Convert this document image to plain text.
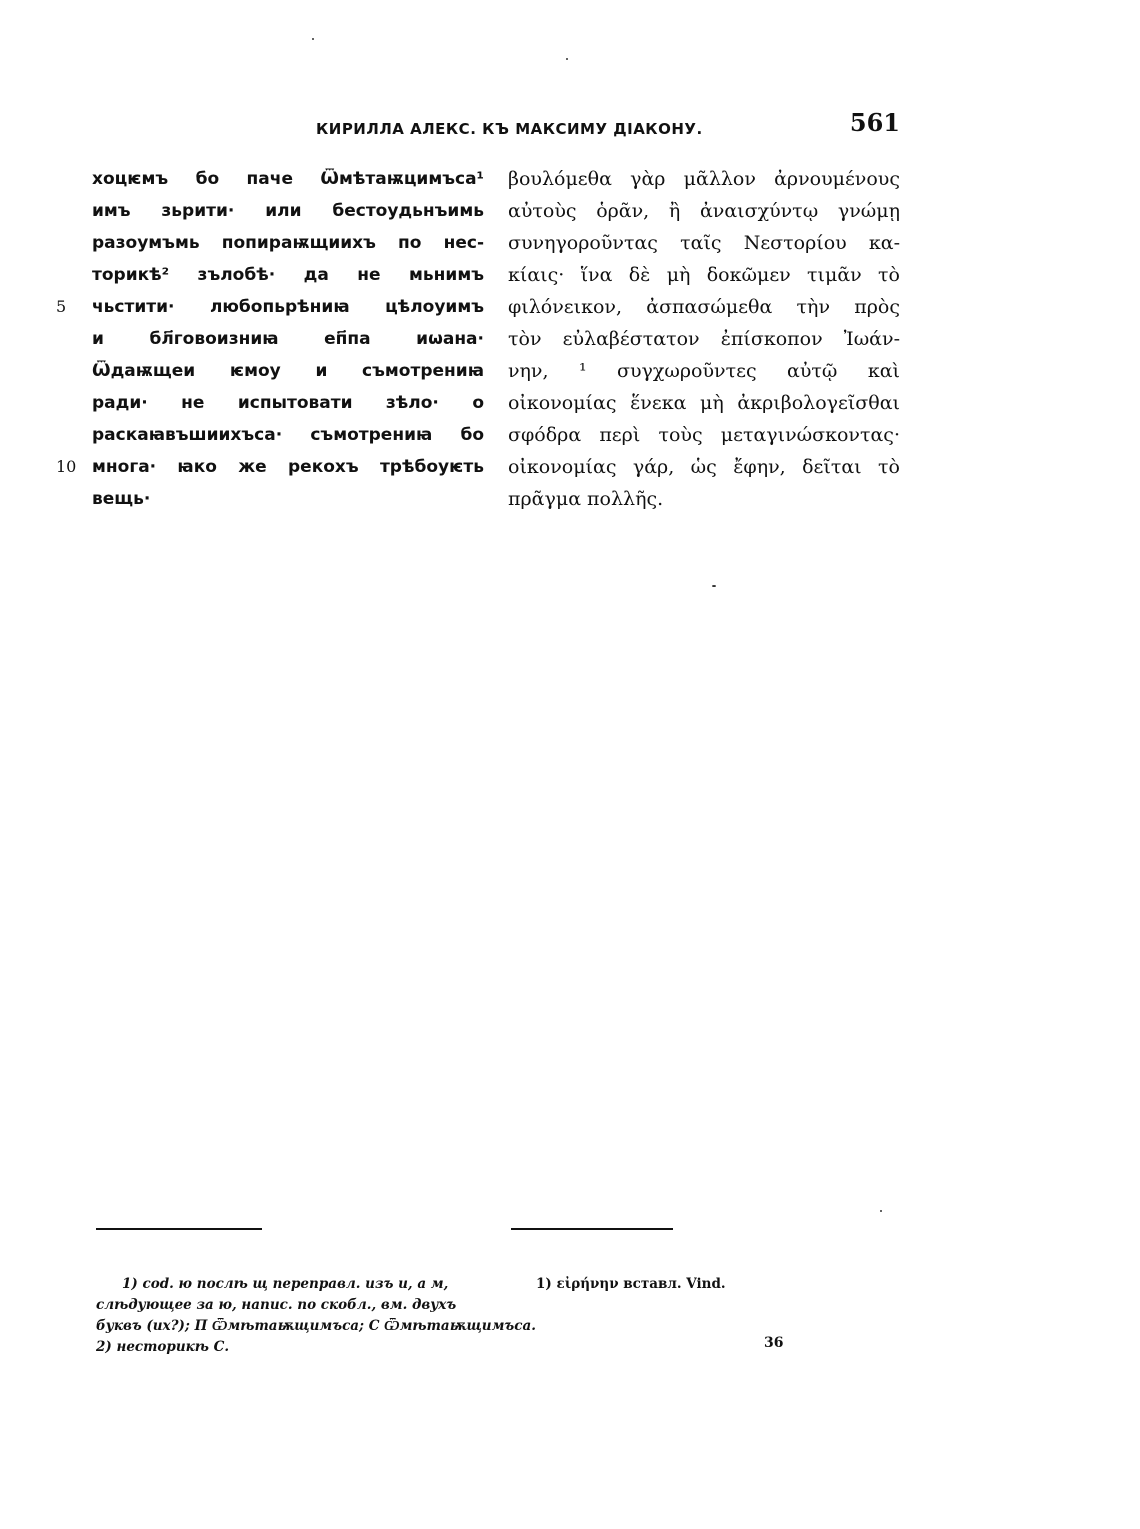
КИРИЛЛА АЛЕКС. КЪ МАКСИМУ ДІАКОНУ.	561
хоцѥмъ бо паче Ѿмѣтаѭцимъса¹
имъ зьрити· или бестоудьнъимь
разоумъмь попираѭщиихъ по нес-
торикѣ² зълобѣ· да не мьнимъ
5	чьстити· любопьрѣниꙗ цѣлоуимъ
и бл҃говоизниꙗ еп҃па иѡана·
Ѿдаѭщеи ѥмоу и съмотрениꙗ
ради· не испытовати зѣло· о
раскаꙗвъшиихъса· съмотрениꙗ бо
10 многа· ꙗко же рекохъ трѣбоуѥть
вещь·
βουλόμεθα γὰρ μᾶλλον ἀρνουμένους
αὐτοὺς ὁρᾶν, ἢ ἀναισχύντῳ γνώμῃ
συνηγοροῦντας ταῖς Νεστορίου κα-
κίαις· ἵνα δὲ μὴ δοκῶμεν τιμᾶν τὸ
φιλόνεικον, ἀσπασώμεθα τὴν πρὸς
τὸν εὐλαβέστατον ἐπίσκοπον Ἰωάν-
νην, ¹ συγχωροῦντες αὐτῷ καὶ
οἰκονομίας ἕνεκα μὴ ἀκριβολογεῖσθαι
σφόδρα περὶ τοὺς μεταγινώσκοντας·
οἰκονομίας γάρ, ὡς ἔφην, δεῖται τὸ
πρᾶγμα πολλῆς.
1) cod. ю послѣ щ переправл. изъ и, а м,
слѣдующее за ю, напис. по скобл., вм. двухъ
буквъ (их?); П Ѿмѣтаѭщимъса; С Ѿмѣтаѭщимъса.
2) несторикѣ С.
1) εἰρήνην вставл. Vind.
36
